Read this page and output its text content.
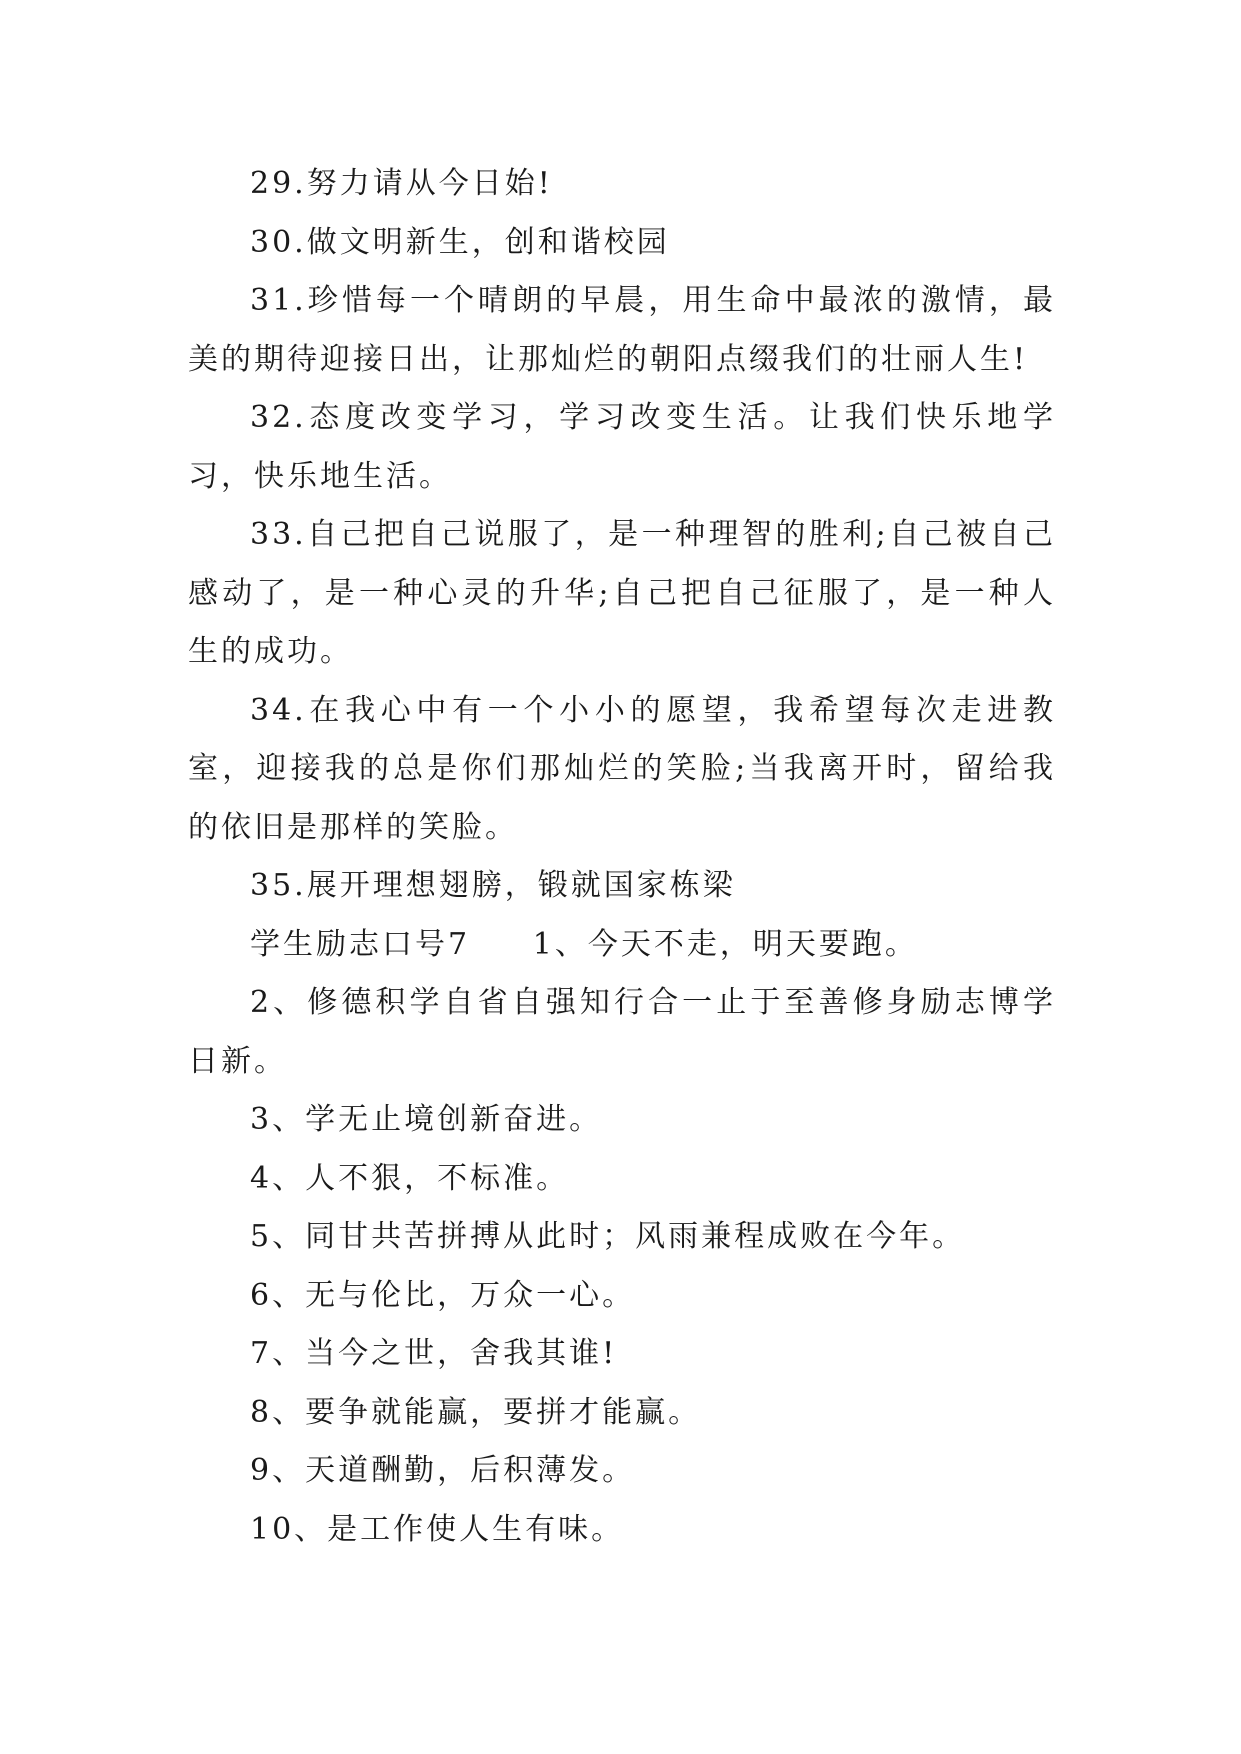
29.努力请从今日始!

30.做文明新生，创和谐校园

31.珍惜每一个晴朗的早晨，用生命中最浓的激情，最美的期待迎接日出，让那灿烂的朝阳点缀我们的壮丽人生!

32.态度改变学习，学习改变生活。让我们快乐地学习，快乐地生活。

33.自己把自己说服了，是一种理智的胜利;自己被自己感动了，是一种心灵的升华;自己把自己征服了，是一种人生的成功。

34.在我心中有一个小小的愿望，我希望每次走进教室，迎接我的总是你们那灿烂的笑脸;当我离开时，留给我的依旧是那样的笑脸。

35.展开理想翅膀，锻就国家栋梁

学生励志口号7     1、今天不走，明天要跑。

2、修德积学自省自强知行合一止于至善修身励志博学日新。

3、学无止境创新奋进。

4、人不狠，不标准。

5、同甘共苦拼搏从此时；风雨兼程成败在今年。

6、无与伦比，万众一心。

7、当今之世，舍我其谁!

8、要争就能赢，要拼才能赢。

9、天道酬勤，后积薄发。

10、是工作使人生有味。
